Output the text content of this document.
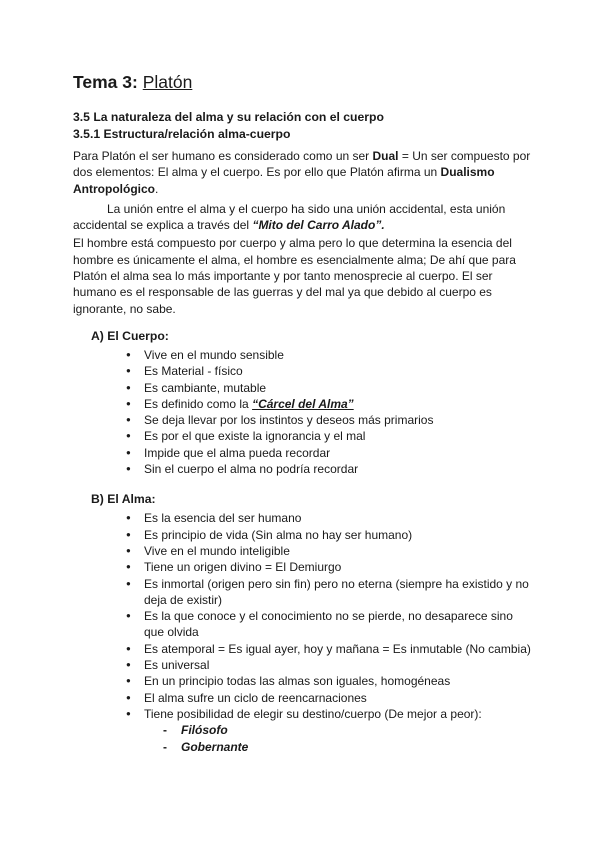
Tema 3: Platón

3.5 La naturaleza del alma y su relación con el cuerpo

3.5.1 Estructura/relación alma-cuerpo

Para Platón el ser humano es considerado como un ser Dual = Un ser compuesto por dos elementos: El alma y el cuerpo. Es por ello que Platón afirma un Dualismo Antropológico.

La unión entre el alma y el cuerpo ha sido una unión accidental, esta unión accidental se explica a través del “Mito del Carro Alado”.

El hombre está compuesto por cuerpo y alma pero lo que determina la esencia del hombre es únicamente el alma, el hombre es esencialmente alma; De ahí que para Platón el alma sea lo más importante y por tanto menosprecie al cuerpo. El ser humano es el responsable de las guerras y del mal ya que debido al cuerpo es ignorante, no sabe.

A) El Cuerpo:

● Vive en el mundo sensible
● Es Material - físico
● Es cambiante, mutable
● Es definido como la “Cárcel del Alma”
● Se deja llevar por los instintos y deseos más primarios
● Es por el que existe la ignorancia y el mal
● Impide que el alma pueda recordar
● Sin el cuerpo el alma no podría recordar

B) El Alma:

● Es la esencia del ser humano
● Es principio de vida (Sin alma no hay ser humano)
● Vive en el mundo inteligible
● Tiene un origen divino = El Demiurgo
● Es inmortal (origen pero sin fin) pero no eterna (siempre ha existido y no deja de existir)
● Es la que conoce y el conocimiento no se pierde, no desaparece sino que olvida
● Es atemporal = Es igual ayer, hoy y mañana = Es inmutable (No cambia)
● Es universal
● En un principio todas las almas son iguales, homogéneas
● El alma sufre un ciclo de reencarnaciones
● Tiene posibilidad de elegir su destino/cuerpo (De mejor a peor):
- Filósofo
- Gobernante
